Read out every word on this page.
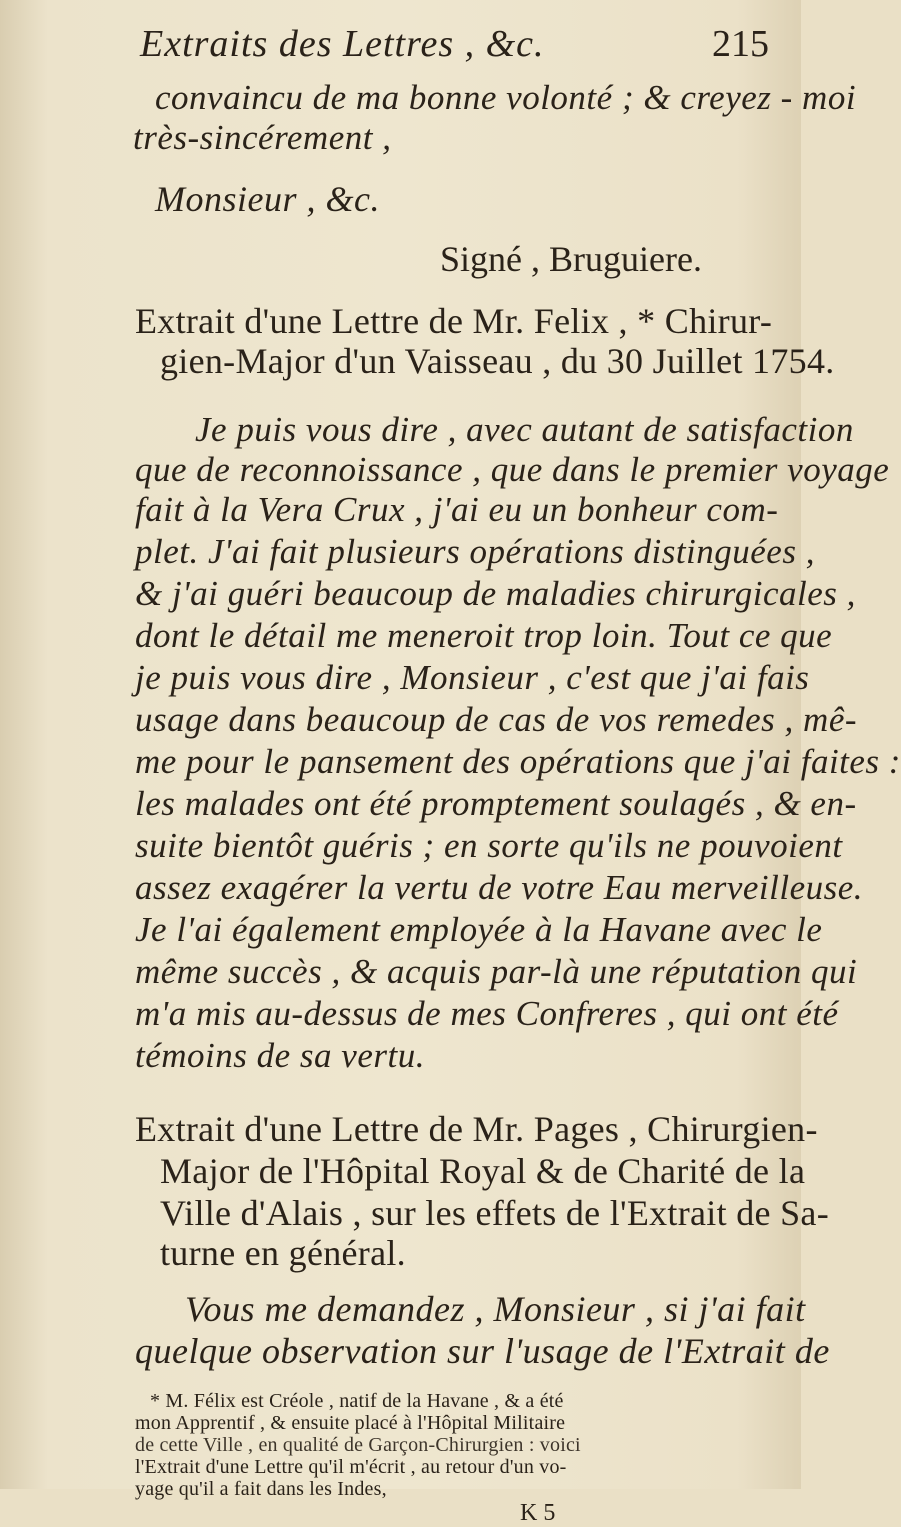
Extraits des Lettres , &c.	215
convaincu de ma bonne volonté ; & creyez - moi
très-sincérement ,
Monsieur , &c.
Signé , Bruguiere.
Extrait d'une Lettre de Mr. Felix , * Chirur-
gien-Major d'un Vaisseau , du 30 Juillet 1754.
Je puis vous dire , avec autant de satisfaction
que de reconnoissance , que dans le premier voyage
fait à la Vera Crux , j'ai eu un bonheur com-
plet. J'ai fait plusieurs opérations distinguées ,
& j'ai guéri beaucoup de maladies chirurgicales ,
dont le détail me meneroit trop loin. Tout ce que
je puis vous dire , Monsieur , c'est que j'ai fais
usage dans beaucoup de cas de vos remedes , mê-
me pour le pansement des opérations que j'ai faites :
les malades ont été promptement soulagés , & en-
suite bientôt guéris ; en sorte qu'ils ne pouvoient
assez exagérer la vertu de votre Eau merveilleuse.
Je l'ai également employée à la Havane avec le
même succès , & acquis par-là une réputation qui
m'a mis au-dessus de mes Confreres , qui ont été
témoins de sa vertu.
Extrait d'une Lettre de Mr. Pages , Chirurgien-
Major de l'Hôpital Royal & de Charité de la
Ville d'Alais , sur les effets de l'Extrait de Sa-
turne en général.
Vous me demandez , Monsieur , si j'ai fait
quelque observation sur l'usage de l'Extrait de
* M. Félix est Créole , natif de la Havane , & a été
mon Apprentif , & ensuite placé à l'Hôpital Militaire
de cette Ville , en qualité de Garçon-Chirurgien : voici
l'Extrait d'une Lettre qu'il m'écrit , au retour d'un vo-
yage qu'il a fait dans les Indes,
K 5
